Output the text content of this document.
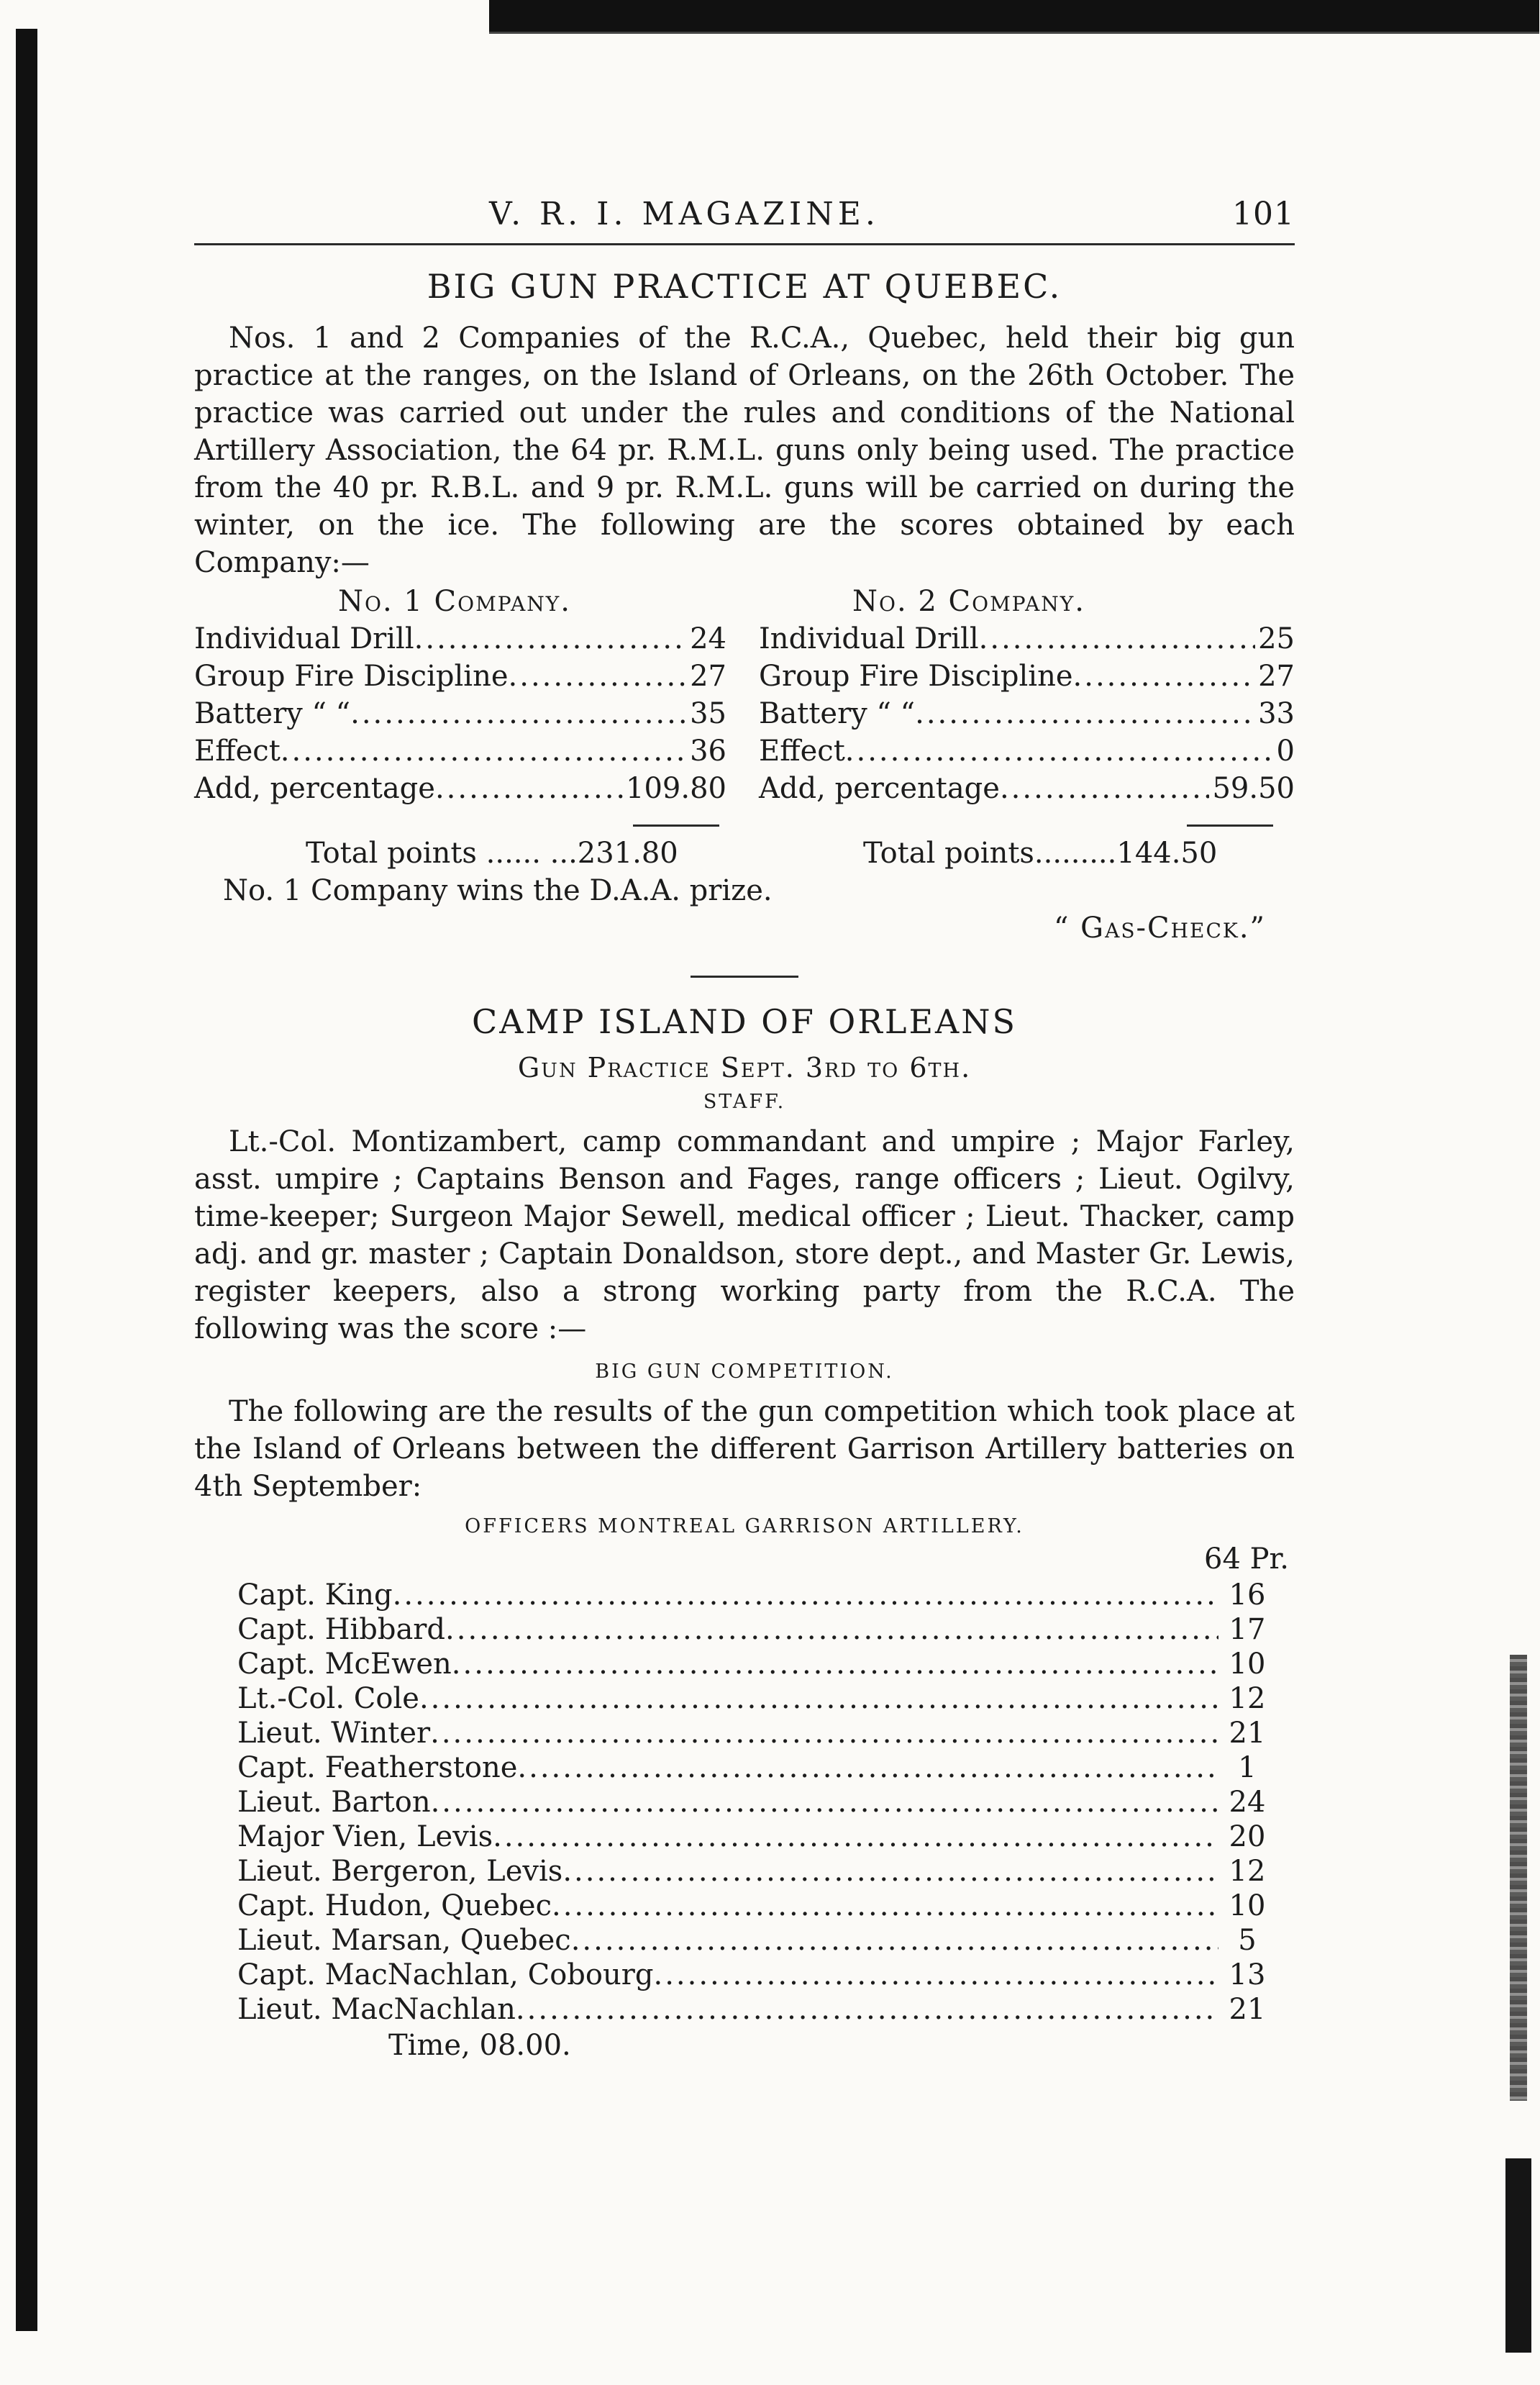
V. R. I. MAGAZINE.	101
BIG GUN PRACTICE AT QUEBEC.

Nos. 1 and 2 Companies of the R.C.A., Quebec, held their big gun practice at the ranges, on the Island of Orleans, on the 26th October. The practice was carried out under the rules and conditions of the National Artillery Association, the 64 pr. R.M.L. guns only being used. The practice from the 40 pr. R.B.L. and 9 pr. R.M.L. guns will be carried on during the winter, on the ice. The following are the scores obtained by each Company:—

No. 1 Company.
Individual Drill .....	24
Group Fire Discipline .....	27
Battery “ “ .....	35
Effect .....	36
Add, percentage .....	109.80
No. 2 Company.
Individual Drill .....	25
Group Fire Discipline .....	27
Battery “ “ .....	33
Effect .....	0
Add, percentage .....	59.50
Total points ...... ...231.80	Total points.........144.50
No. 1 Company wins the D.A.A. prize.
“ Gas-Check.”
CAMP ISLAND OF ORLEANS
Gun Practice Sept. 3rd to 6th.
STAFF.

Lt.-Col. Montizambert, camp commandant and umpire ; Major Farley, asst. umpire ; Captains Benson and Fages, range officers ; Lieut. Ogilvy, time-keeper; Surgeon Major Sewell, medical officer ; Lieut. Thacker, camp adj. and gr. master ; Captain Donaldson, store dept., and Master Gr. Lewis, register keepers, also a strong working party from the R.C.A. The following was the score :—

BIG GUN COMPETITION.

The following are the results of the gun competition which took place at the Island of Orleans between the different Garrison Artillery batteries on 4th September:

OFFICERS MONTREAL GARRISON ARTILLERY.
64 Pr.
Capt. King .....	16
Capt. Hibbard .....	17
Capt. McEwen .....	10
Lt.-Col. Cole .....	12
Lieut. Winter .....	21
Capt. Featherstone .....	1
Lieut. Barton .....	24
Major Vien, Levis .....	20
Lieut. Bergeron, Levis .....	12
Capt. Hudon, Quebec .....	10
Lieut. Marsan, Quebec .....	5
Capt. MacNachlan, Cobourg .....	13
Lieut. MacNachlan .....	21
Time, 08.00.
